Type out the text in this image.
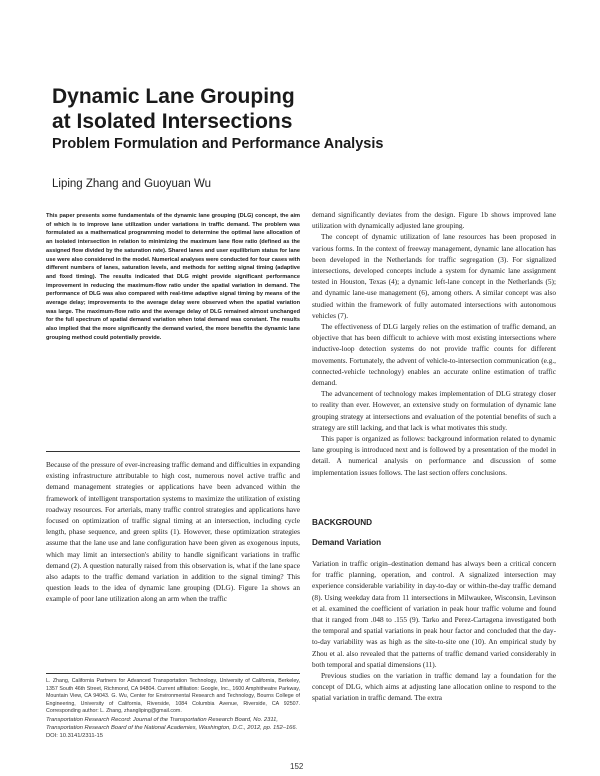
Dynamic Lane Grouping
at Isolated Intersections
Problem Formulation and Performance Analysis
Liping Zhang and Guoyuan Wu

This paper presents some fundamentals of the dynamic lane grouping (DLG) concept, the aim of which is to improve lane utilization under variations in traffic demand. The problem was formulated as a mathematical programming model to determine the optimal lane allocation of an isolated intersection in relation to minimizing the maximum lane flow ratio (defined as the assigned flow divided by the saturation rate). Shared lanes and user equilibrium status for lane use were also considered in the model. Numerical analyses were conducted for four cases with different numbers of lanes, saturation levels, and methods for setting signal timing (adaptive and fixed timing). The results indicated that DLG might provide significant performance improvement in reducing the maximum-flow ratio under the spatial variation in demand. The performance of DLG was also compared with real-time adaptive signal timing by means of the average delay; improvements to the average delay were observed when the spatial variation was large. The maximum-flow ratio and the average delay of DLG remained almost unchanged for the full spectrum of spatial demand variation when total demand was constant. The results also implied that the more significantly the demand varied, the more benefits the dynamic lane grouping method could potentially provide.

Because of the pressure of ever-increasing traffic demand and difficulties in expanding existing infrastructure attributable to high cost, numerous novel active traffic and demand management strategies or applications have been advanced within the framework of intelligent transportation systems to maximize the utilization of existing roadway resources. For arterials, many traffic control strategies and applications have focused on optimization of traffic signal timing at an intersection, including cycle length, phase sequence, and green splits (1). However, these optimization strategies assume that the lane use and lane configuration have been given as exogenous inputs, which may limit an intersection's ability to handle significant variations in traffic demand (2). A question naturally raised from this observation is, what if the lane space also adapts to the traffic demand variation in addition to the signal timing? This question leads to the idea of dynamic lane grouping (DLG). Figure 1a shows an example of poor lane utilization along an arm when the traffic

L. Zhang, California Partners for Advanced Transportation Technology, University of California, Berkeley, 1357 South 46th Street, Richmond, CA 94804. Current affiliation: Google, Inc., 1600 Amphitheatre Parkway, Mountain View, CA 94043. G. Wu, Center for Environmental Research and Technology, Bourns College of Engineering, University of California, Riverside, 1084 Columbia Avenue, Riverside, CA 92507. Corresponding author: L. Zhang, zhangliping@gmail.com.

Transportation Research Record: Journal of the Transportation Research Board, No. 2311, Transportation Research Board of the National Academies, Washington, D.C., 2012, pp. 152–166.
DOI: 10.3141/2311-15

demand significantly deviates from the design. Figure 1b shows improved lane utilization with dynamically adjusted lane grouping.

The concept of dynamic utilization of lane resources has been proposed in various forms. In the context of freeway management, dynamic lane allocation has been developed in the Netherlands for traffic segregation (3). For signalized intersections, developed concepts include a system for dynamic lane assignment tested in Houston, Texas (4); a dynamic left-lane concept in the Netherlands (5); and dynamic lane-use management (6), among others. A similar concept was also studied within the framework of fully automated intersections with autonomous vehicles (7).

The effectiveness of DLG largely relies on the estimation of traffic demand, an objective that has been difficult to achieve with most existing intersections where inductive-loop detection systems do not provide traffic counts for different movements. Fortunately, the advent of vehicle-to-intersection communication (e.g., connected-vehicle technology) enables an accurate online estimation of traffic demand.

The advancement of technology makes implementation of DLG strategy closer to reality than ever. However, an extensive study on formulation of dynamic lane grouping strategy at intersections and evaluation of the potential benefits of such a strategy are still lacking, and that lack is what motivates this study.

This paper is organized as follows: background information related to dynamic lane grouping is introduced next and is followed by a presentation of the model in detail. A numerical analysis on performance and discussion of some implementation issues follows. The last section offers conclusions.

BACKGROUND
Demand Variation

Variation in traffic origin–destination demand has always been a critical concern for traffic planning, operation, and control. A signalized intersection may experience considerable variability in day-to-day or within-the-day traffic demand (8). Using weekday data from 11 intersections in Milwaukee, Wisconsin, Levinson et al. examined the coefficient of variation in peak hour traffic volume and found that it ranged from .048 to .155 (9). Tarko and Perez-Cartagena investigated both the temporal and spatial variations in peak hour factor and concluded that the day-to-day variability was as high as the site-to-site one (10). An empirical study by Zhou et al. also revealed that the patterns of traffic demand varied considerably in both temporal and spatial dimensions (11).

Previous studies on the variation in traffic demand lay a foundation for the concept of DLG, which aims at adjusting lane allocation online to respond to the spatial variation in traffic demand. The extra

152
